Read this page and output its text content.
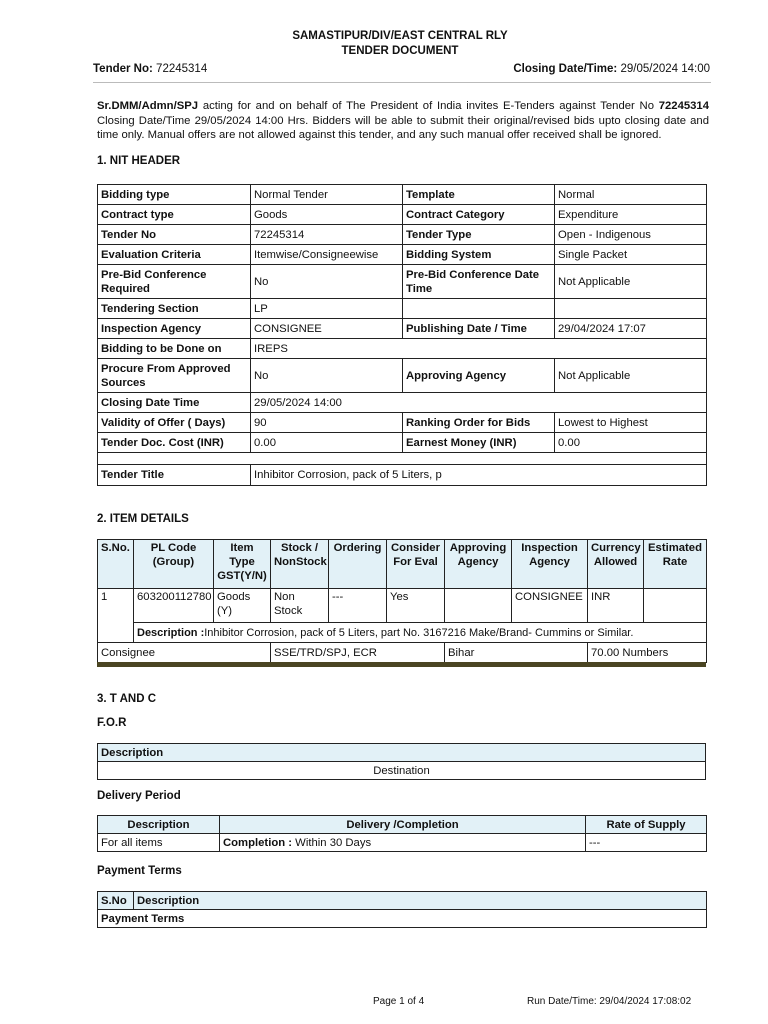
SAMASTIPUR/DIV/EAST CENTRAL RLY
TENDER DOCUMENT
Tender No: 72245314	Closing Date/Time: 29/05/2024 14:00
Sr.DMM/Admn/SPJ acting for and on behalf of The President of India invites E-Tenders against Tender No 72245314 Closing Date/Time 29/05/2024 14:00 Hrs. Bidders will be able to submit their original/revised bids upto closing date and time only. Manual offers are not allowed against this tender, and any such manual offer received shall be ignored.
1. NIT HEADER
Bidding type	Normal Tender	Template	Normal
Contract type	Goods	Contract Category	Expenditure
Tender No	72245314	Tender Type	Open - Indigenous
Evaluation Criteria	Itemwise/Consigneewise	Bidding System	Single Packet
Pre-Bid Conference Required	No	Pre-Bid Conference Date Time	Not Applicable
Tendering Section	LP		
Inspection Agency	CONSIGNEE	Publishing Date / Time	29/04/2024 17:07
Bidding to be Done on	IREPS		
Procure From Approved Sources	No	Approving Agency	Not Applicable
Closing Date Time	29/05/2024 14:00		
Validity of Offer ( Days)	90	Ranking Order for Bids	Lowest to Highest
Tender Doc. Cost (INR)	0.00	Earnest Money (INR)	0.00

Tender Title	Inhibitor Corrosion, pack of 5 Liters, p		
2. ITEM DETAILS
S.No.	PL Code (Group)	Item Type GST(Y/N)	Stock / NonStock	Ordering	Consider For Eval	Approving Agency	Inspection Agency	Currency Allowed	Estimated Rate
1	603200112780	Goods (Y)	Non Stock	---	Yes		CONSIGNEE	INR	
	Description :Inhibitor Corrosion, pack of 5 Liters, part No. 3167216 Make/Brand- Cummins or Similar.								
Consignee			SSE/TRD/SPJ, ECR			Bihar		70.00 Numbers	
3. T AND C
F.O.R
Description
Destination
Delivery Period
Description	Delivery /Completion	Rate of Supply
For all items	Completion : Within 30 Days	---
Payment Terms
S.No	Description
Payment Terms
Page 1 of 4	Run Date/Time: 29/04/2024 17:08:02
